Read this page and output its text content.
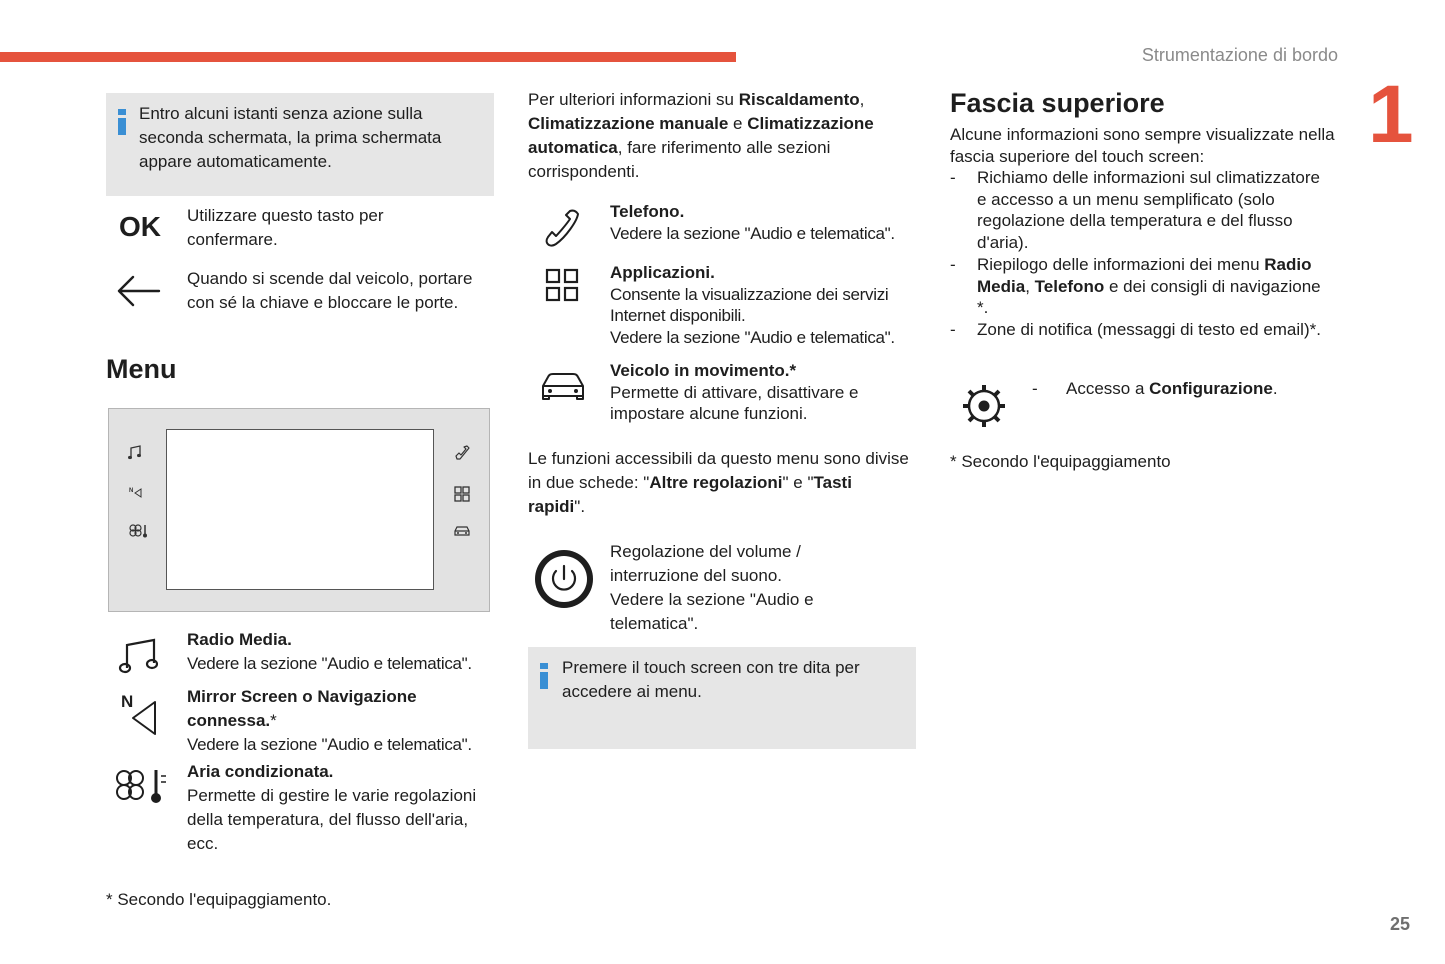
Strumentazione di bordo
1
25
Entro alcuni istanti senza azione sulla seconda schermata, la prima schermata appare automaticamente.
OK Utilizzare questo tasto per confermare.
Quando si scende dal veicolo, portare con sé la chiave e bloccare le porte.
Menu
N
Radio Media.
Vedere la sezione "Audio e telematica".
N	Mirror Screen o Navigazione connessa.*
Vedere la sezione "Audio e telematica".
Aria condizionata.
Permette di gestire le varie regolazioni della temperatura, del flusso dell'aria, ecc.
* Secondo l'equipaggiamento.
Per ulteriori informazioni su Riscaldamento, Climatizzazione manuale e Climatizzazione automatica, fare riferimento alle sezioni corrispondenti.
Telefono.
Vedere la sezione "Audio e telematica".
Applicazioni.
Consente la visualizzazione dei servizi Internet disponibili.
Vedere la sezione "Audio e telematica".
Veicolo in movimento.*
Permette di attivare, disattivare e impostare alcune funzioni.
Le funzioni accessibili da questo menu sono divise in due schede: "Altre regolazioni" e "Tasti rapidi".
Regolazione del volume / interruzione del suono.
Vedere la sezione "Audio e telematica".
Premere il touch screen con tre dita per accedere ai menu.
Fascia superiore
Alcune informazioni sono sempre visualizzate nella fascia superiore del touch screen:
- Richiamo delle informazioni sul climatizzatore e accesso a un menu semplificato (solo regolazione della temperatura e del flusso d'aria).
- Riepilogo delle informazioni dei menu Radio Media, Telefono e dei consigli di navigazione *.
- Zone di notifica (messaggi di testo ed email)*.
- Accesso a Configurazione.
* Secondo l'equipaggiamento
